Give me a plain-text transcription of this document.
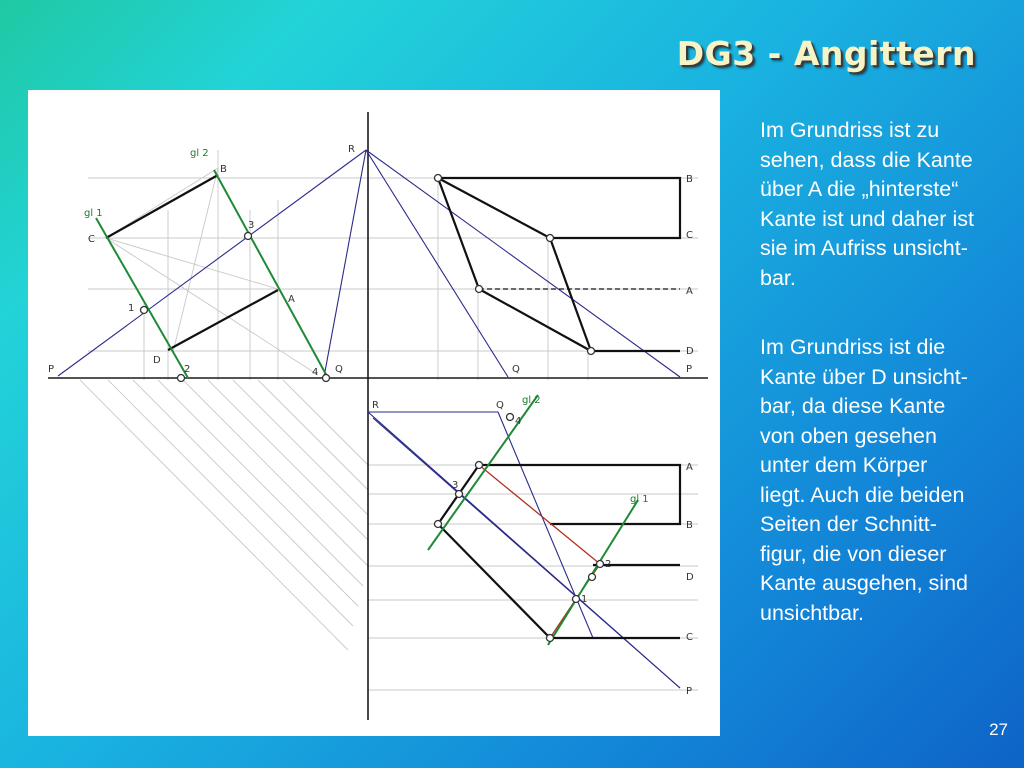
DG3 - Angittern
P	P
Q	Q
R
R	Q
B
C
A
D
gl 1
gl 2
1
2
3
4
B
C
A
D
A
B
D
C
P
gl 1
gl 2
1
2
3
4

Im Grundriss ist zu
sehen, dass die Kante
über A die „hinterste“
Kante ist und daher ist
sie im Aufriss unsicht-
bar.

Im Grundriss ist die
Kante über D unsicht-
bar, da diese Kante
von oben gesehen
unter dem Körper
liegt. Auch die beiden
Seiten der Schnitt-
figur, die von dieser
Kante ausgehen, sind
unsichtbar.

27
